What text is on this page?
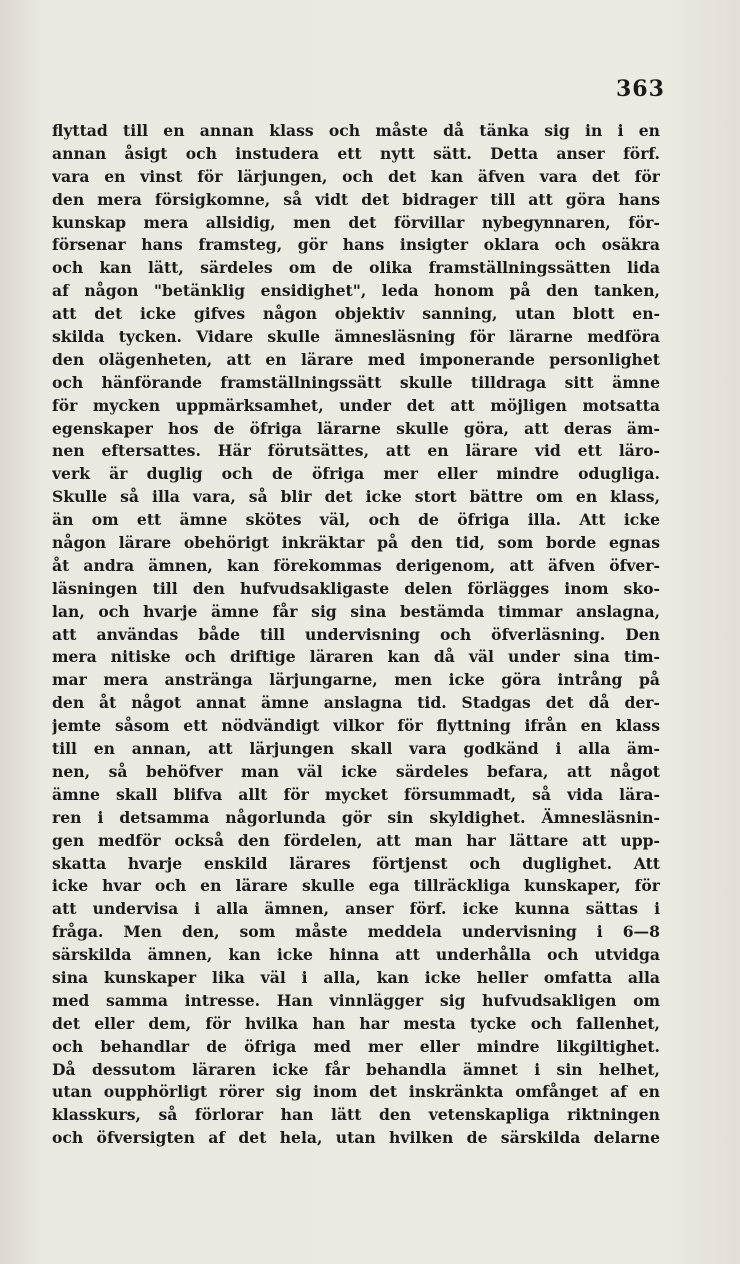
363
flyttad till en annan klass och måste då tänka sig in i en
annan åsigt och instudera ett nytt sätt. Detta anser förf.
vara en vinst för lärjungen, och det kan äfven vara det för
den mera försigkomne, så vidt det bidrager till att göra hans
kunskap mera allsidig, men det förvillar nybegynnaren, för-
försenar hans framsteg, gör hans insigter oklara och osäkra
och kan lätt, särdeles om de olika framställningssätten lida
af någon "betänklig ensidighet", leda honom på den tanken,
att det icke gifves någon objektiv sanning, utan blott en-
skilda tycken. Vidare skulle ämnesläsning för lärarne medföra
den olägenheten, att en lärare med imponerande personlighet
och hänförande framställningssätt skulle tilldraga sitt ämne
för mycken uppmärksamhet, under det att möjligen motsatta
egenskaper hos de öfriga lärarne skulle göra, att deras äm-
nen eftersattes. Här förutsättes, att en lärare vid ett läro-
verk är duglig och de öfriga mer eller mindre odugliga.
Skulle så illa vara, så blir det icke stort bättre om en klass,
än om ett ämne skötes väl, och de öfriga illa. Att icke
någon lärare obehörigt inkräktar på den tid, som borde egnas
åt andra ämnen, kan förekommas derigenom, att äfven öfver-
läsningen till den hufvudsakligaste delen förlägges inom sko-
lan, och hvarje ämne får sig sina bestämda timmar anslagna,
att användas både till undervisning och öfverläsning. Den
mera nitiske och driftige läraren kan då väl under sina tim-
mar mera anstränga lärjungarne, men icke göra intrång på
den åt något annat ämne anslagna tid. Stadgas det då der-
jemte såsom ett nödvändigt vilkor för flyttning ifrån en klass
till en annan, att lärjungen skall vara godkänd i alla äm-
nen, så behöfver man väl icke särdeles befara, att något
ämne skall blifva allt för mycket försummadt, så vida lära-
ren i detsamma någorlunda gör sin skyldighet. Ämnesläsnin-
gen medför också den fördelen, att man har lättare att upp-
skatta hvarje enskild lärares förtjenst och duglighet. Att
icke hvar och en lärare skulle ega tillräckliga kunskaper, för
att undervisa i alla ämnen, anser förf. icke kunna sättas i
fråga. Men den, som måste meddela undervisning i 6—8
särskilda ämnen, kan icke hinna att underhålla och utvidga
sina kunskaper lika väl i alla, kan icke heller omfatta alla
med samma intresse. Han vinnlägger sig hufvudsakligen om
det eller dem, för hvilka han har mesta tycke och fallenhet,
och behandlar de öfriga med mer eller mindre likgiltighet.
Då dessutom läraren icke får behandla ämnet i sin helhet,
utan oupphörligt rörer sig inom det inskränkta omfånget af en
klasskurs, så förlorar han lätt den vetenskapliga riktningen
och öfversigten af det hela, utan hvilken de särskilda delarne
